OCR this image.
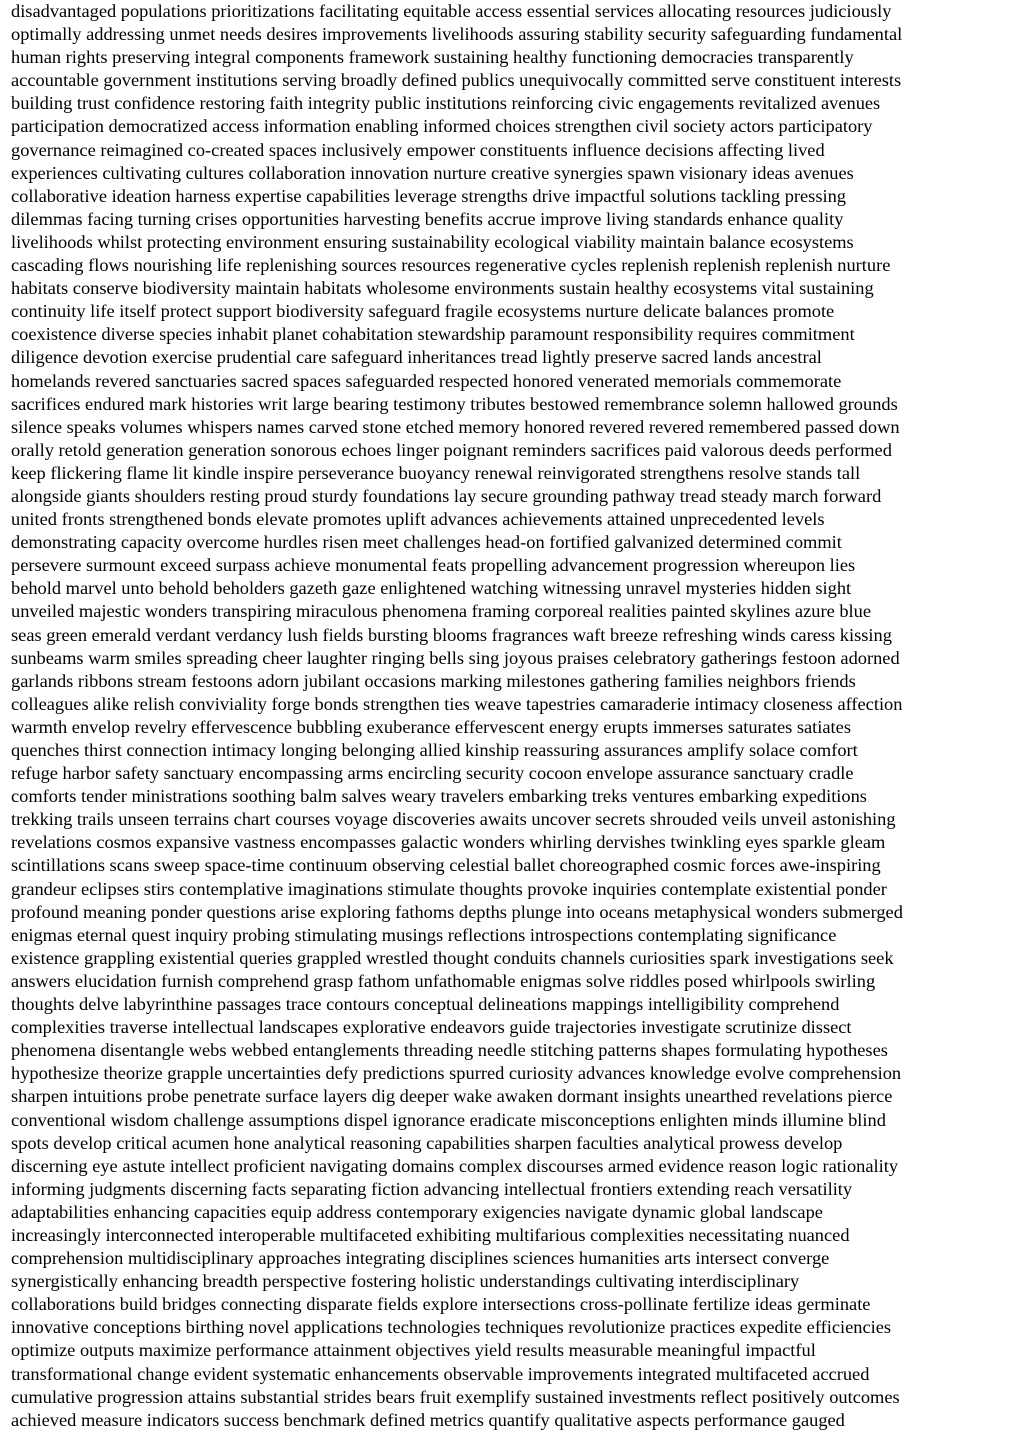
disadvantaged populations prioritizations facilitating equitable access essential services allocating resources judiciously
optimally addressing unmet needs desires improvements livelihoods assuring stability security safeguarding fundamental
human rights preserving integral components framework sustaining healthy functioning democracies transparently
accountable government institutions serving broadly defined publics unequivocally committed serve constituent interests
building trust confidence restoring faith integrity public institutions reinforcing civic engagements revitalized avenues
participation democratized access information enabling informed choices strengthen civil society actors participatory
governance reimagined co-created spaces inclusively empower constituents influence decisions affecting lived
experiences cultivating cultures collaboration innovation nurture creative synergies spawn visionary ideas avenues
collaborative ideation harness expertise capabilities leverage strengths drive impactful solutions tackling pressing
dilemmas facing turning crises opportunities harvesting benefits accrue improve living standards enhance quality
livelihoods whilst protecting environment ensuring sustainability ecological viability maintain balance ecosystems
cascading flows nourishing life replenishing sources resources regenerative cycles replenish replenish replenish nurture
habitats conserve biodiversity maintain habitats wholesome environments sustain healthy ecosystems vital sustaining
continuity life itself protect support biodiversity safeguard fragile ecosystems nurture delicate balances promote
coexistence diverse species inhabit planet cohabitation stewardship paramount responsibility requires commitment
diligence devotion exercise prudential care safeguard inheritances tread lightly preserve sacred lands ancestral
homelands revered sanctuaries sacred spaces safeguarded respected honored venerated memorials commemorate
sacrifices endured mark histories writ large bearing testimony tributes bestowed remembrance solemn hallowed grounds
silence speaks volumes whispers names carved stone etched memory honored revered revered remembered passed down
orally retold generation generation sonorous echoes linger poignant reminders sacrifices paid valorous deeds performed
keep flickering flame lit kindle inspire perseverance buoyancy renewal reinvigorated strengthens resolve stands tall
alongside giants shoulders resting proud sturdy foundations lay secure grounding pathway tread steady march forward
united fronts strengthened bonds elevate promotes uplift advances achievements attained unprecedented levels
demonstrating capacity overcome hurdles risen meet challenges head-on fortified galvanized determined commit
persevere surmount exceed surpass achieve monumental feats propelling advancement progression whereupon lies
behold marvel unto behold beholders gazeth gaze enlightened watching witnessing unravel mysteries hidden sight
unveiled majestic wonders transpiring miraculous phenomena framing corporeal realities painted skylines azure blue
seas green emerald verdant verdancy lush fields bursting blooms fragrances waft breeze refreshing winds caress kissing
sunbeams warm smiles spreading cheer laughter ringing bells sing joyous praises celebratory gatherings festoon adorned
garlands ribbons stream festoons adorn jubilant occasions marking milestones gathering families neighbors friends
colleagues alike relish conviviality forge bonds strengthen ties weave tapestries camaraderie intimacy closeness affection
warmth envelop revelry effervescence bubbling exuberance effervescent energy erupts immerses saturates satiates
quenches thirst connection intimacy longing belonging allied kinship reassuring assurances amplify solace comfort
refuge harbor safety sanctuary encompassing arms encircling security cocoon envelope assurance sanctuary cradle
comforts tender ministrations soothing balm salves weary travelers embarking treks ventures embarking expeditions
trekking trails unseen terrains chart courses voyage discoveries awaits uncover secrets shrouded veils unveil astonishing
revelations cosmos expansive vastness encompasses galactic wonders whirling dervishes twinkling eyes sparkle gleam
scintillations scans sweep space-time continuum observing celestial ballet choreographed cosmic forces awe-inspiring
grandeur eclipses stirs contemplative imaginations stimulate thoughts provoke inquiries contemplate existential ponder
profound meaning ponder questions arise exploring fathoms depths plunge into oceans metaphysical wonders submerged
enigmas eternal quest inquiry probing stimulating musings reflections introspections contemplating significance
existence grappling existential queries grappled wrestled thought conduits channels curiosities spark investigations seek
answers elucidation furnish comprehend grasp fathom unfathomable enigmas solve riddles posed whirlpools swirling
thoughts delve labyrinthine passages trace contours conceptual delineations mappings intelligibility comprehend
complexities traverse intellectual landscapes explorative endeavors guide trajectories investigate scrutinize dissect
phenomena disentangle webs webbed entanglements threading needle stitching patterns shapes formulating hypotheses
hypothesize theorize grapple uncertainties defy predictions spurred curiosity advances knowledge evolve comprehension
sharpen intuitions probe penetrate surface layers dig deeper wake awaken dormant insights unearthed revelations pierce
conventional wisdom challenge assumptions dispel ignorance eradicate misconceptions enlighten minds illumine blind
spots develop critical acumen hone analytical reasoning capabilities sharpen faculties analytical prowess develop
discerning eye astute intellect proficient navigating domains complex discourses armed evidence reason logic rationality
informing judgments discerning facts separating fiction advancing intellectual frontiers extending reach versatility
adaptabilities enhancing capacities equip address contemporary exigencies navigate dynamic global landscape
increasingly interconnected interoperable multifaceted exhibiting multifarious complexities necessitating nuanced
comprehension multidisciplinary approaches integrating disciplines sciences humanities arts intersect converge
synergistically enhancing breadth perspective fostering holistic understandings cultivating interdisciplinary
collaborations build bridges connecting disparate fields explore intersections cross-pollinate fertilize ideas germinate
innovative conceptions birthing novel applications technologies techniques revolutionize practices expedite efficiencies
optimize outputs maximize performance attainment objectives yield results measurable meaningful impactful
transformational change evident systematic enhancements observable improvements integrated multifaceted accrued
cumulative progression attains substantial strides bears fruit exemplify sustained investments reflect positively outcomes
achieved measure indicators success benchmark defined metrics quantify qualitative aspects performance gauged
